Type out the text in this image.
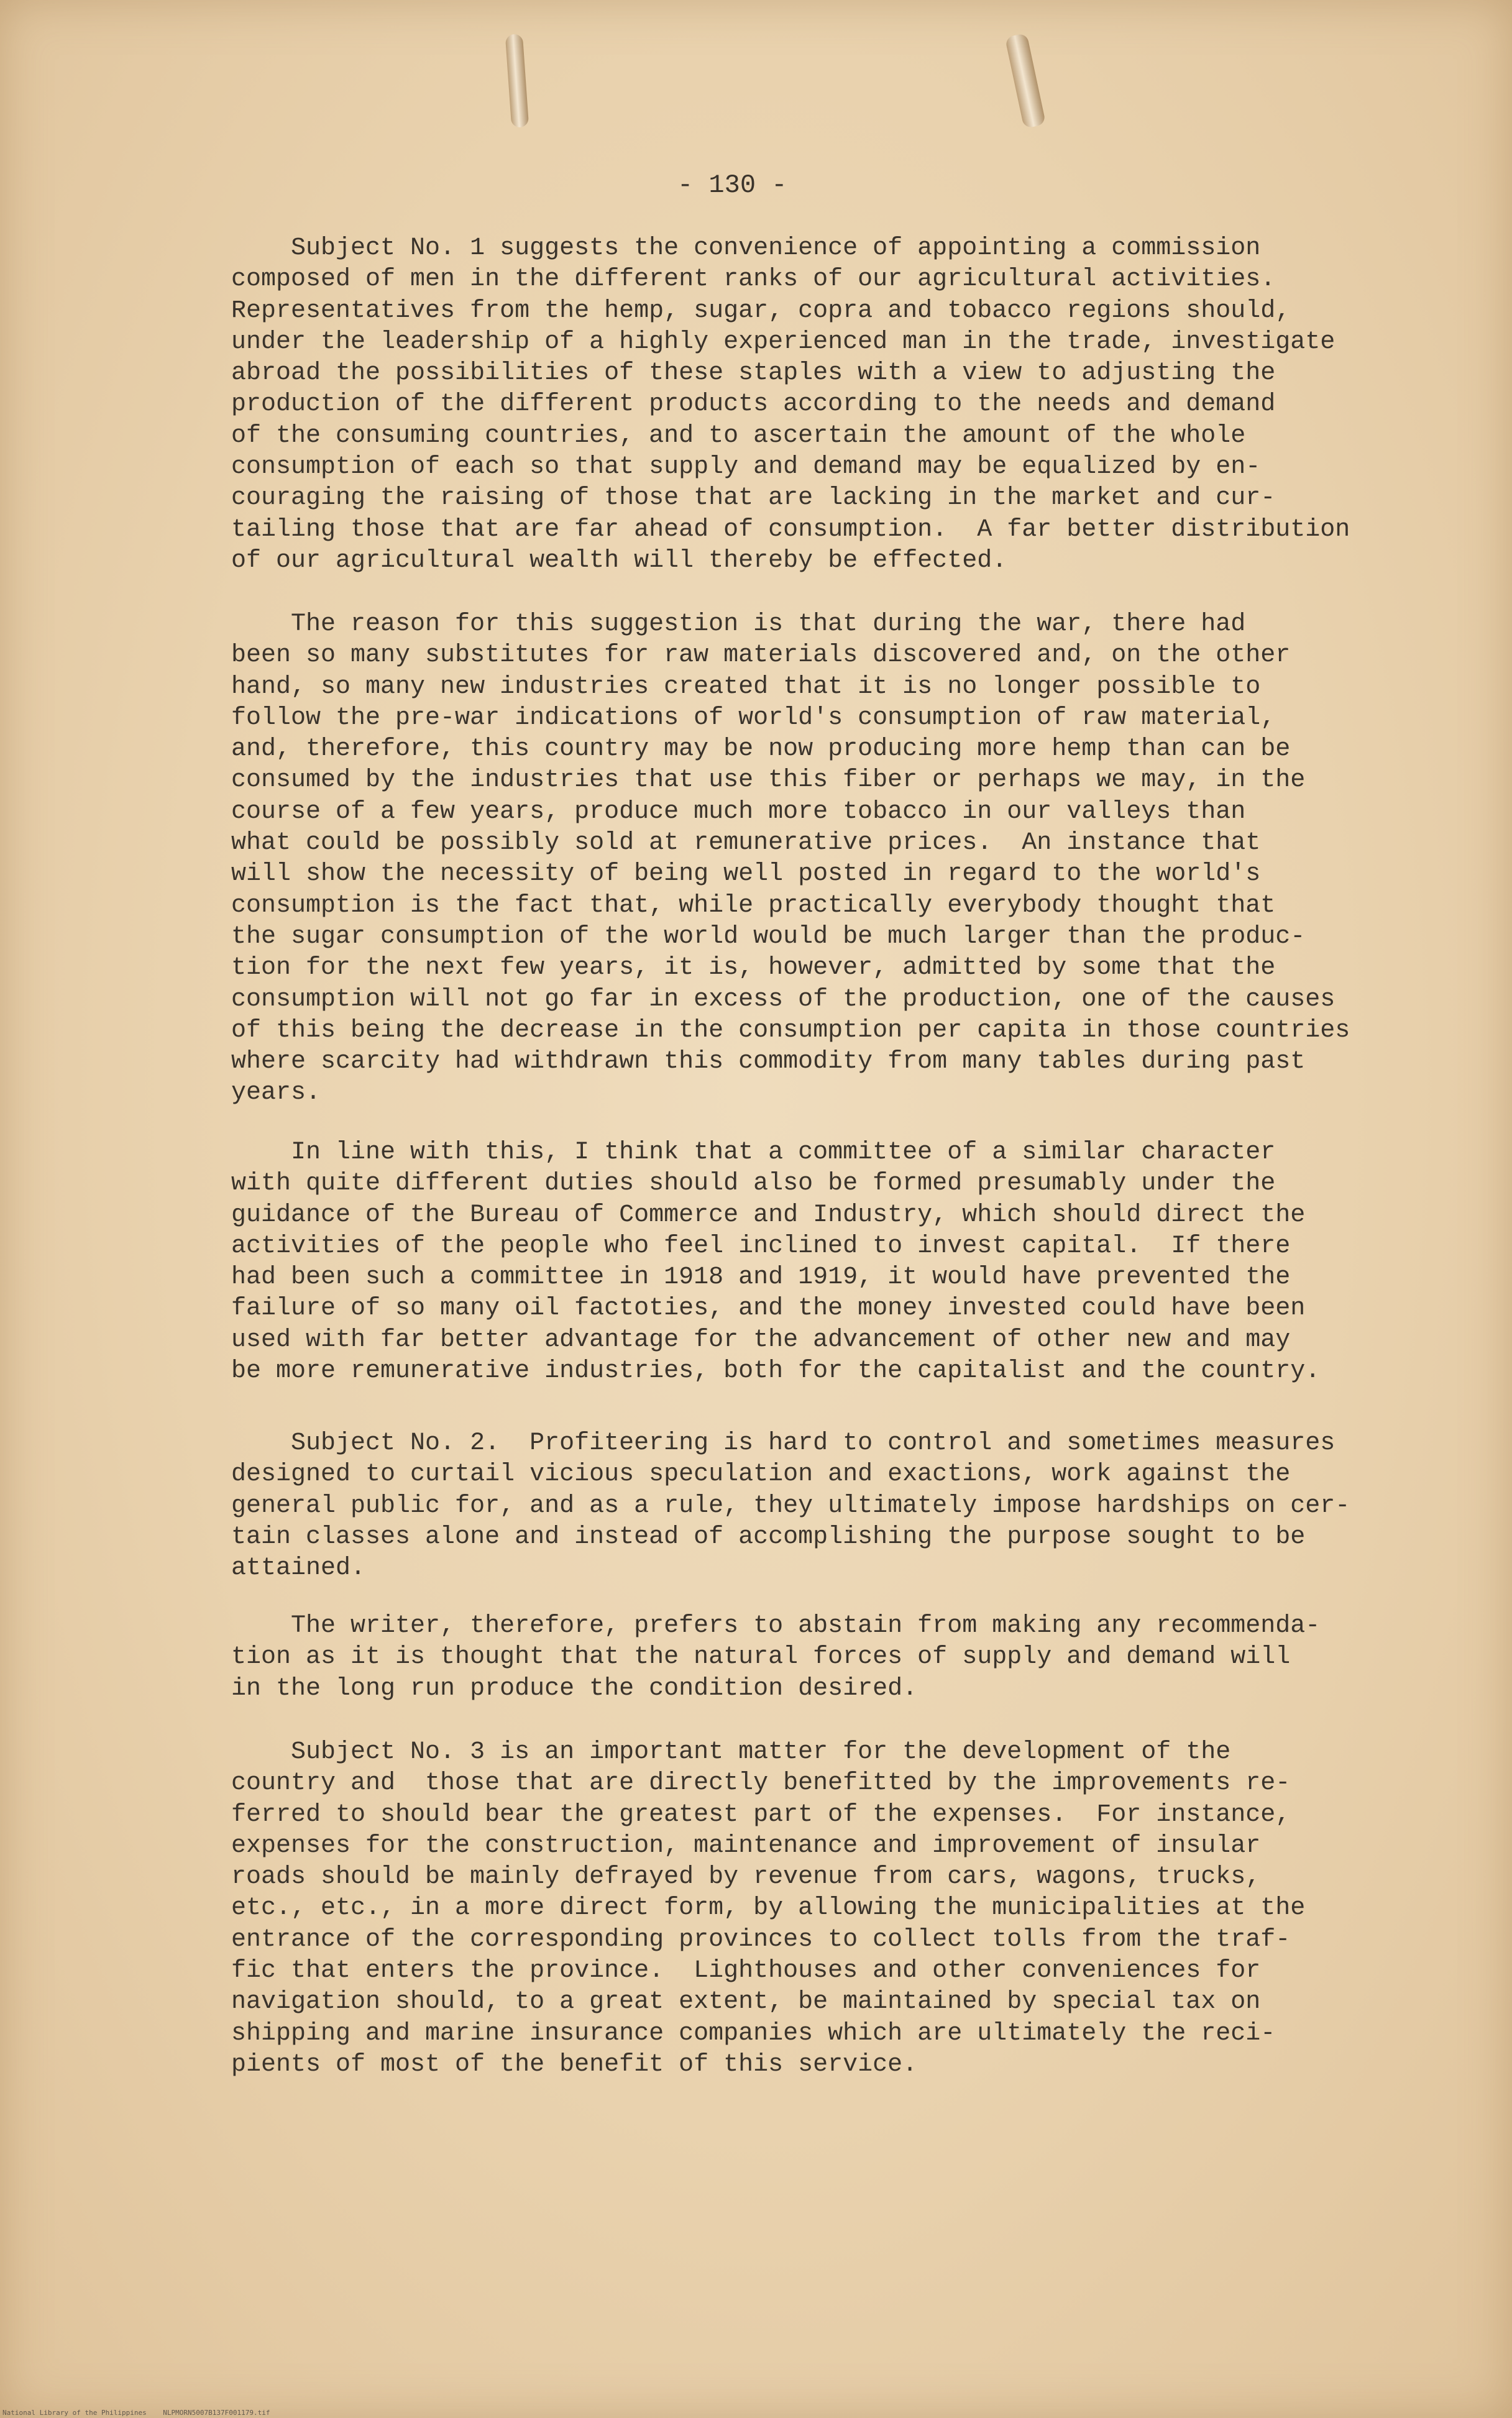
- 130 -
Subject No. 1 suggests the convenience of appointing a commission
composed of men in the different ranks of our agricultural activities.
Representatives from the hemp, sugar, copra and tobacco regions should,
under the leadership of a highly experienced man in the trade, investigate
abroad the possibilities of these staples with a view to adjusting the
production of the different products according to the needs and demand
of the consuming countries, and to ascertain the amount of the whole
consumption of each so that supply and demand may be equalized by en-
couraging the raising of those that are lacking in the market and cur-
tailing those that are far ahead of consumption.  A far better distribution
of our agricultural wealth will thereby be effected.
The reason for this suggestion is that during the war, there had
been so many substitutes for raw materials discovered and, on the other
hand, so many new industries created that it is no longer possible to
follow the pre-war indications of world's consumption of raw material,
and, therefore, this country may be now producing more hemp than can be
consumed by the industries that use this fiber or perhaps we may, in the
course of a few years, produce much more tobacco in our valleys than
what could be possibly sold at remunerative prices.  An instance that
will show the necessity of being well posted in regard to the world's
consumption is the fact that, while practically everybody thought that
the sugar consumption of the world would be much larger than the produc-
tion for the next few years, it is, however, admitted by some that the
consumption will not go far in excess of the production, one of the causes
of this being the decrease in the consumption per capita in those countries
where scarcity had withdrawn this commodity from many tables during past
years.
In line with this, I think that a committee of a similar character
with quite different duties should also be formed presumably under the
guidance of the Bureau of Commerce and Industry, which should direct the
activities of the people who feel inclined to invest capital.  If there
had been such a committee in 1918 and 1919, it would have prevented the
failure of so many oil factoties, and the money invested could have been
used with far better advantage for the advancement of other new and may
be more remunerative industries, both for the capitalist and the country.
Subject No. 2.  Profiteering is hard to control and sometimes measures
designed to curtail vicious speculation and exactions, work against the
general public for, and as a rule, they ultimately impose hardships on cer-
tain classes alone and instead of accomplishing the purpose sought to be
attained.
The writer, therefore, prefers to abstain from making any recommenda-
tion as it is thought that the natural forces of supply and demand will
in the long run produce the condition desired.
Subject No. 3 is an important matter for the development of the
country and  those that are directly benefitted by the improvements re-
ferred to should bear the greatest part of the expenses.  For instance,
expenses for the construction, maintenance and improvement of insular
roads should be mainly defrayed by revenue from cars, wagons, trucks,
etc., etc., in a more direct form, by allowing the municipalities at the
entrance of the corresponding provinces to collect tolls from the traf-
fic that enters the province.  Lighthouses and other conveniences for
navigation should, to a great extent, be maintained by special tax on
shipping and marine insurance companies which are ultimately the reci-
pients of most of the benefit of this service.
National Library of the Philippines    NLPMORN5007B137F001179.tif
